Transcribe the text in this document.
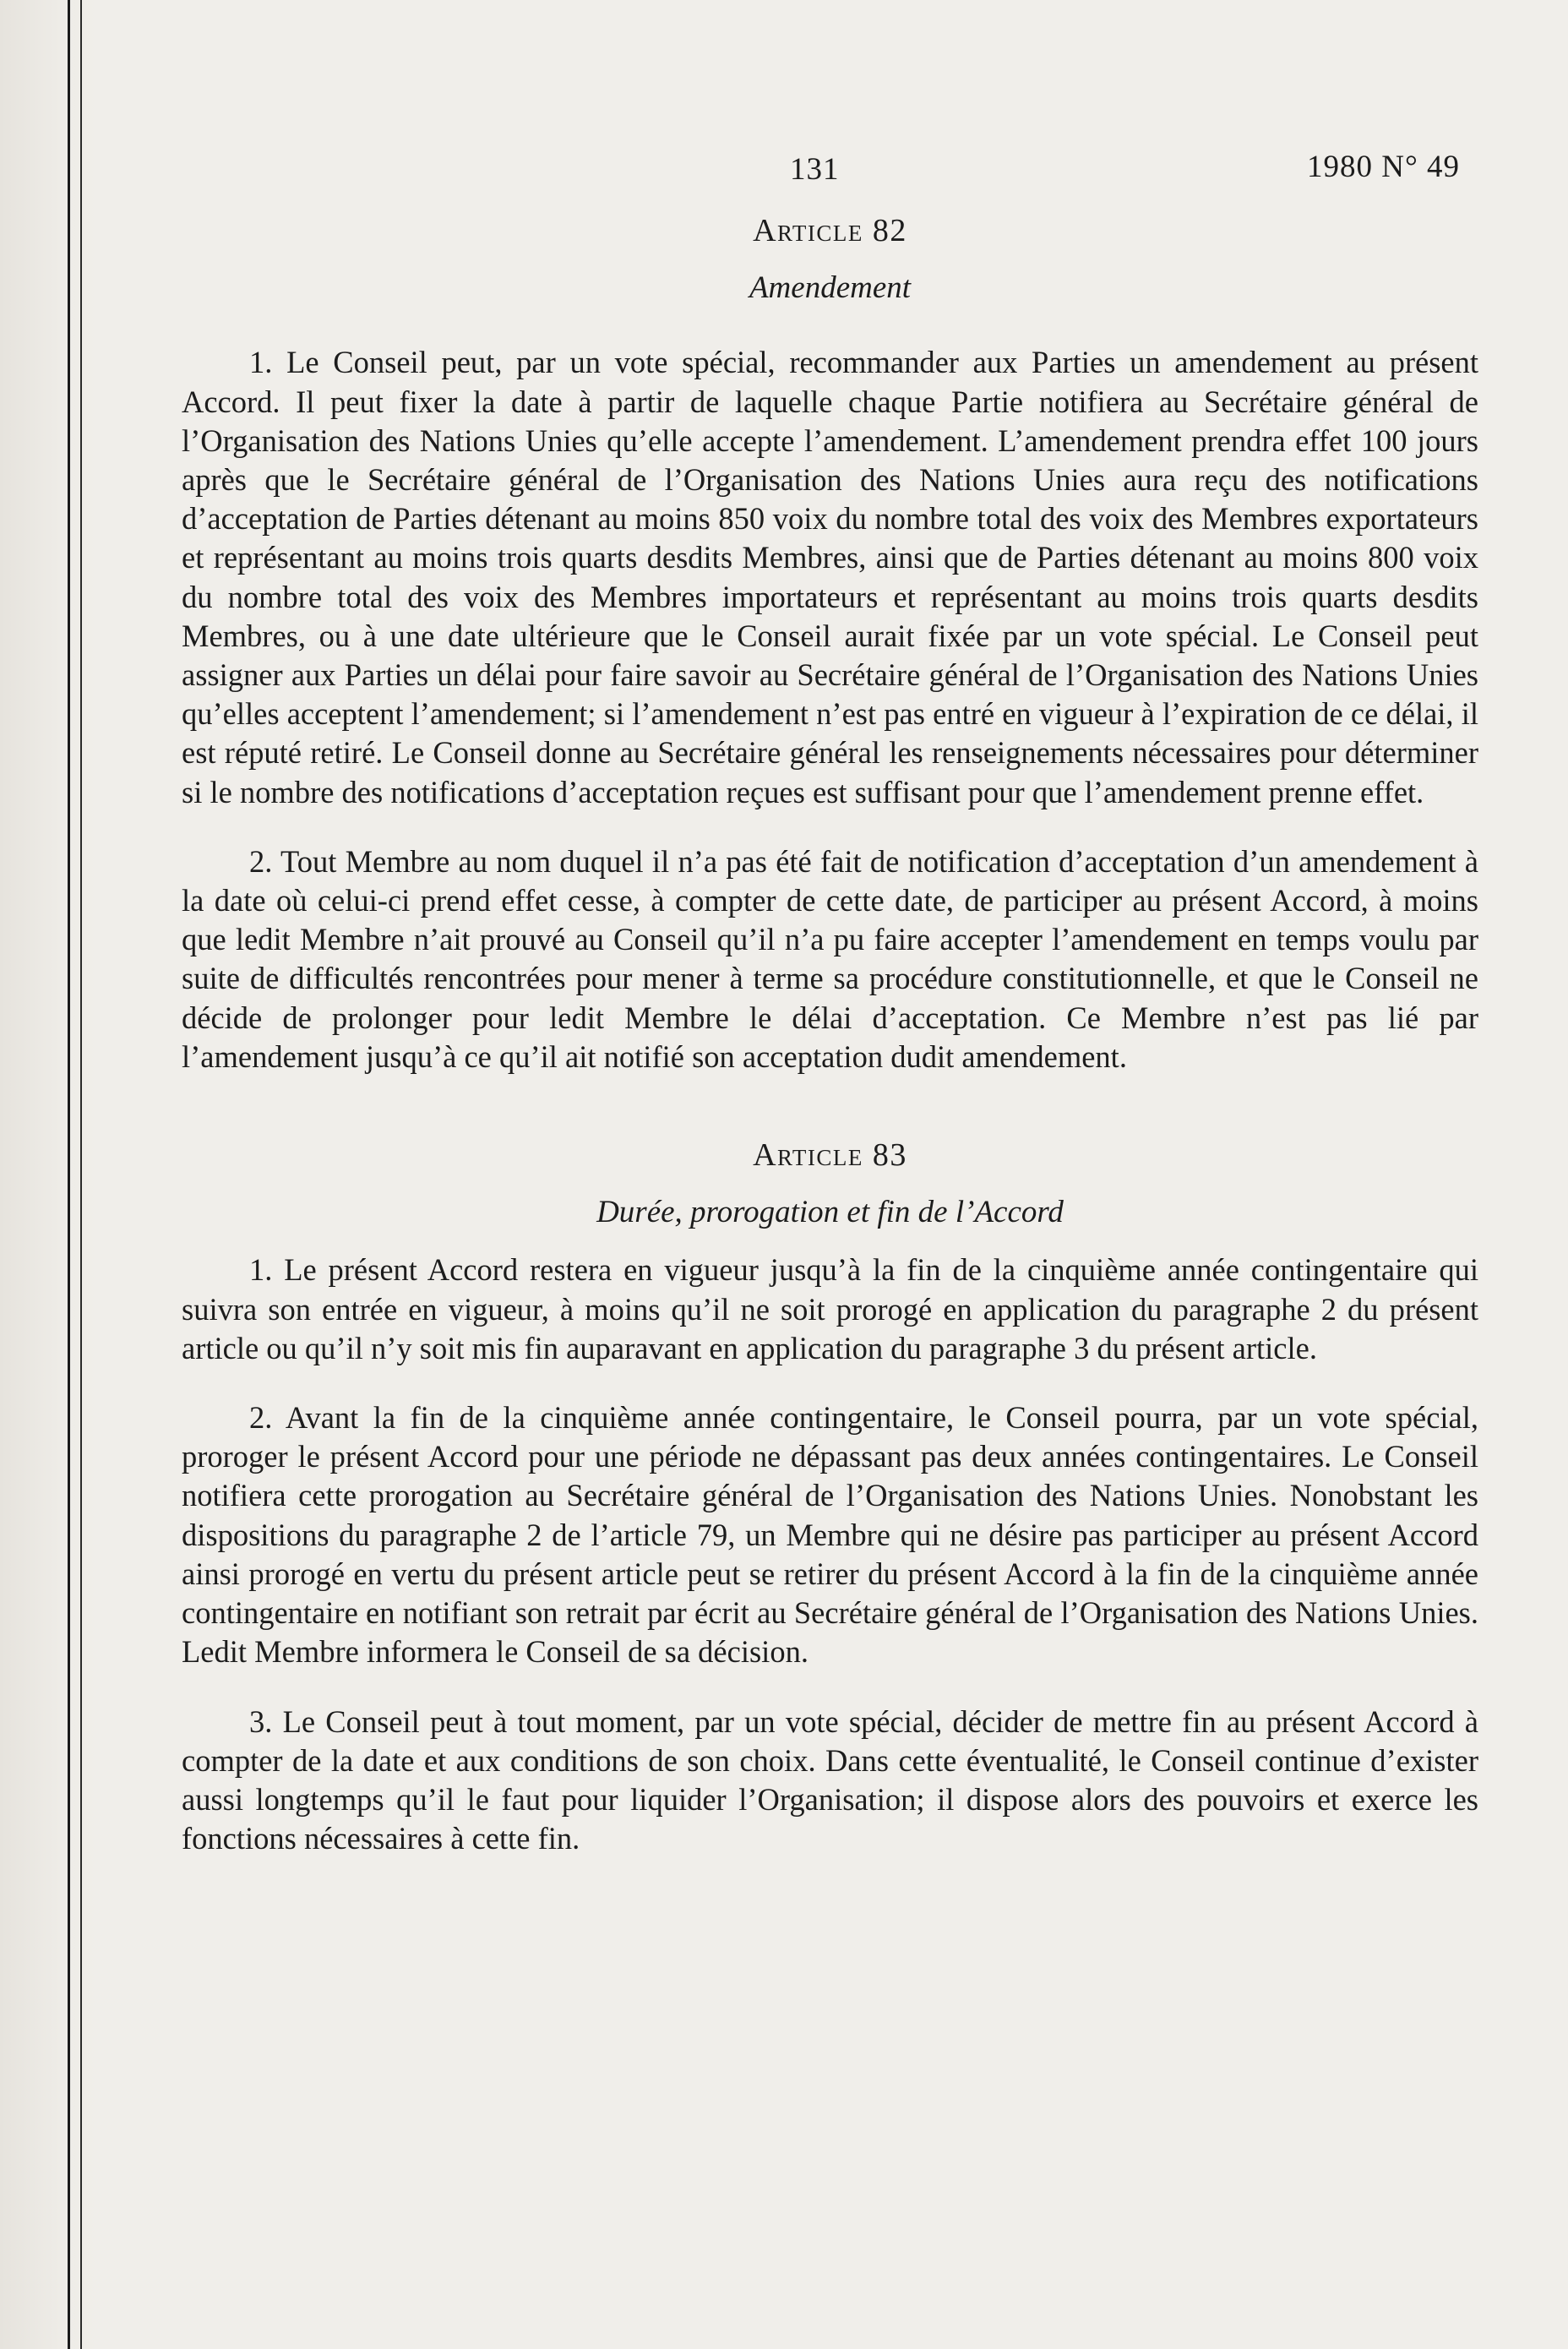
131	1980 N° 49

Article 82

Amendement

1. Le Conseil peut, par un vote spécial, recommander aux Parties un amendement au présent Accord. Il peut fixer la date à partir de laquelle chaque Partie notifiera au Secrétaire général de l’Organisation des Nations Unies qu’elle accepte l’amendement. L’amendement prendra effet 100 jours après que le Secrétaire général de l’Organisation des Nations Unies aura reçu des notifications d’acceptation de Parties détenant au moins 850 voix du nombre total des voix des Membres exportateurs et représentant au moins trois quarts desdits Membres, ainsi que de Parties détenant au moins 800 voix du nombre total des voix des Membres importateurs et représentant au moins trois quarts desdits Membres, ou à une date ultérieure que le Conseil aurait fixée par un vote spécial. Le Conseil peut assigner aux Parties un délai pour faire savoir au Secrétaire général de l’Organisation des Nations Unies qu’elles acceptent l’amendement; si l’amendement n’est pas entré en vigueur à l’expiration de ce délai, il est réputé retiré. Le Conseil donne au Secrétaire général les renseignements nécessaires pour déterminer si le nombre des notifications d’acceptation reçues est suffisant pour que l’amendement prenne effet.

2. Tout Membre au nom duquel il n’a pas été fait de notification d’acceptation d’un amendement à la date où celui-ci prend effet cesse, à compter de cette date, de participer au présent Accord, à moins que ledit Membre n’ait prouvé au Conseil qu’il n’a pu faire accepter l’amendement en temps voulu par suite de difficultés rencontrées pour mener à terme sa procédure constitutionnelle, et que le Conseil ne décide de prolonger pour ledit Membre le délai d’acceptation. Ce Membre n’est pas lié par l’amendement jusqu’à ce qu’il ait notifié son acceptation dudit amendement.

Article 83

Durée, prorogation et fin de l’Accord

1. Le présent Accord restera en vigueur jusqu’à la fin de la cinquième année contingentaire qui suivra son entrée en vigueur, à moins qu’il ne soit prorogé en application du paragraphe 2 du présent article ou qu’il n’y soit mis fin auparavant en application du paragraphe 3 du présent article.

2. Avant la fin de la cinquième année contingentaire, le Conseil pourra, par un vote spécial, proroger le présent Accord pour une période ne dépassant pas deux années contingentaires. Le Conseil notifiera cette prorogation au Secrétaire général de l’Organisation des Nations Unies. Nonobstant les dispositions du paragraphe 2 de l’article 79, un Membre qui ne désire pas participer au présent Accord ainsi prorogé en vertu du présent article peut se retirer du présent Accord à la fin de la cinquième année contingentaire en notifiant son retrait par écrit au Secrétaire général de l’Organisation des Nations Unies. Ledit Membre informera le Conseil de sa décision.

3. Le Conseil peut à tout moment, par un vote spécial, décider de mettre fin au présent Accord à compter de la date et aux conditions de son choix. Dans cette éventualité, le Conseil continue d’exister aussi longtemps qu’il le faut pour liquider l’Organisation; il dispose alors des pouvoirs et exerce les fonctions nécessaires à cette fin.
